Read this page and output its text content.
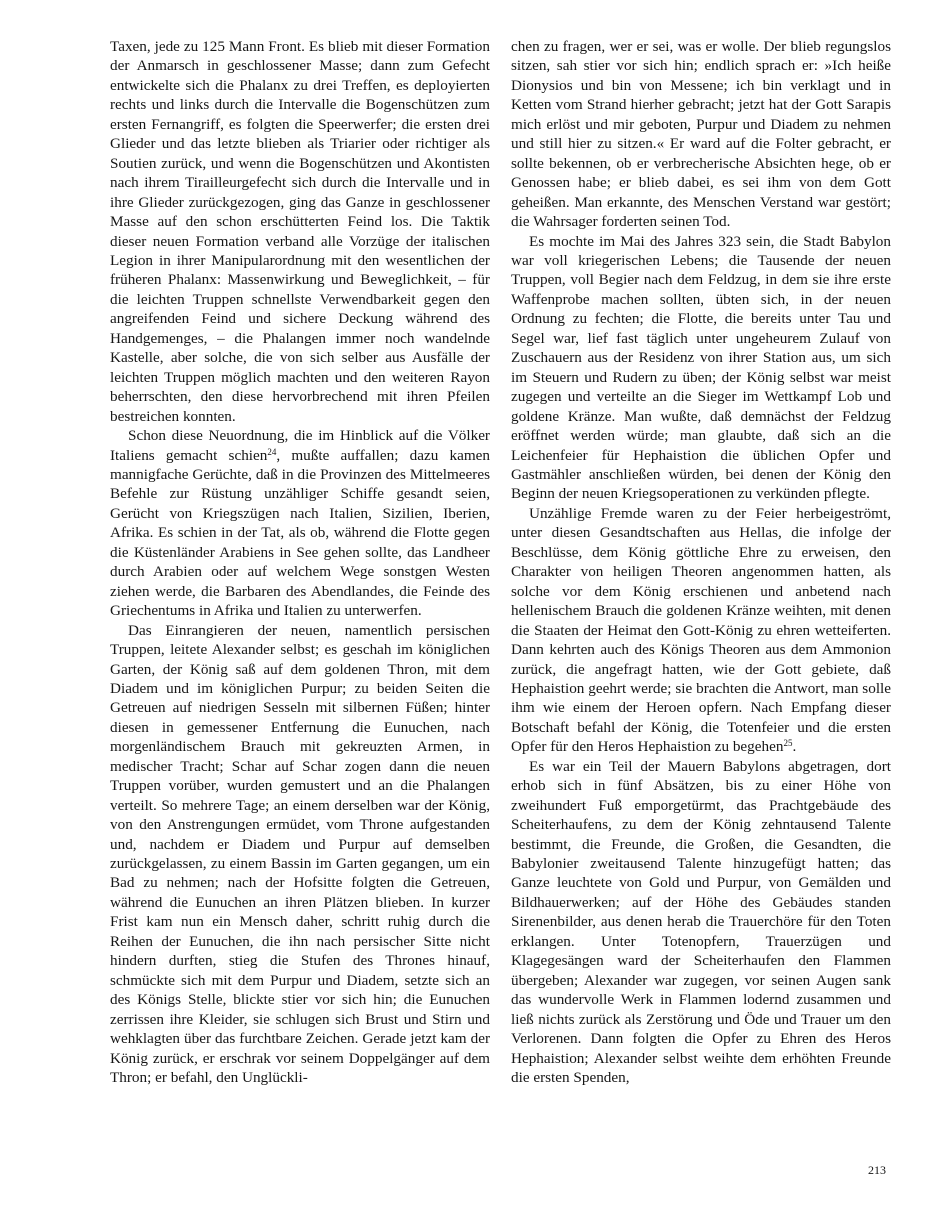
Taxen, jede zu 125 Mann Front. Es blieb mit dieser Formation der Anmarsch in geschlossener Masse; dann zum Gefecht entwickelte sich die Phalanx zu drei Treffen, es deployierten rechts und links durch die Intervalle die Bogenschützen zum ersten Fernangriff, es folgten die Speerwerfer; die ersten drei Glieder und das letzte blieben als Triarier oder richtiger als Soutien zurück, und wenn die Bogenschützen und Akontisten nach ihrem Tirailleurgefecht sich durch die Intervalle und in ihre Glieder zurückgezogen, ging das Ganze in geschlossener Masse auf den schon erschütterten Feind los. Die Taktik dieser neuen Formation verband alle Vorzüge der italischen Legion in ihrer Manipularordnung mit den wesentlichen der früheren Phalanx: Massenwirkung und Beweglichkeit, – für die leichten Truppen schnellste Verwendbarkeit gegen den angreifenden Feind und sichere Deckung während des Handgemenges, – die Phalangen immer noch wandelnde Kastelle, aber solche, die von sich selber aus Ausfälle der leichten Truppen möglich machten und den weiteren Rayon beherrschten, den diese hervorbrechend mit ihren Pfeilen bestreichen konnten.

Schon diese Neuordnung, die im Hinblick auf die Völker Italiens gemacht schien$^{24}$, mußte auffallen; dazu kamen mannigfache Gerüchte, daß in die Provinzen des Mittelmeeres Befehle zur Rüstung unzähliger Schiffe gesandt seien, Gerücht von Kriegszügen nach Italien, Sizilien, Iberien, Afrika. Es schien in der Tat, als ob, während die Flotte gegen die Küstenländer Arabiens in See gehen sollte, das Landheer durch Arabien oder auf welchem Wege sonstgen Westen ziehen werde, die Barbaren des Abendlandes, die Feinde des Griechentums in Afrika und Italien zu unterwerfen.

Das Einrangieren der neuen, namentlich persischen Truppen, leitete Alexander selbst; es geschah im königlichen Garten, der König saß auf dem goldenen Thron, mit dem Diadem und im königlichen Purpur; zu beiden Seiten die Getreuen auf niedrigen Sesseln mit silbernen Füßen; hinter diesen in gemessener Entfernung die Eunuchen, nach morgenländischem Brauch mit gekreuzten Armen, in medischer Tracht; Schar auf Schar zogen dann die neuen Truppen vorüber, wurden gemustert und an die Phalangen verteilt. So mehrere Tage; an einem derselben war der König, von den Anstrengungen ermüdet, vom Throne aufgestanden und, nachdem er Diadem und Purpur auf demselben zurückgelassen, zu einem Bassin im Garten gegangen, um ein Bad zu nehmen; nach der Hofsitte folgten die Getreuen, während die Eunuchen an ihren Plätzen blieben. In kurzer Frist kam nun ein Mensch daher, schritt ruhig durch die Reihen der Eunuchen, die ihn nach persischer Sitte nicht hindern durften, stieg die Stufen des Thrones hinauf, schmückte sich mit dem Purpur und Diadem, setzte sich an des Königs Stelle, blickte stier vor sich hin; die Eunuchen zerrissen ihre Kleider, sie schlugen sich Brust und Stirn und wehklagten über das furchtbare Zeichen. Gerade jetzt kam der König zurück, er erschrak vor seinem Doppelgänger auf dem Thron; er befahl, den Unglückli-

chen zu fragen, wer er sei, was er wolle. Der blieb regungslos sitzen, sah stier vor sich hin; endlich sprach er: »Ich heiße Dionysios und bin von Messene; ich bin verklagt und in Ketten vom Strand hierher gebracht; jetzt hat der Gott Sarapis mich erlöst und mir geboten, Purpur und Diadem zu nehmen und still hier zu sitzen.« Er ward auf die Folter gebracht, er sollte bekennen, ob er verbrecherische Absichten hege, ob er Genossen habe; er blieb dabei, es sei ihm von dem Gott geheißen. Man erkannte, des Menschen Verstand war gestört; die Wahrsager forderten seinen Tod.

Es mochte im Mai des Jahres 323 sein, die Stadt Babylon war voll kriegerischen Lebens; die Tausende der neuen Truppen, voll Begier nach dem Feldzug, in dem sie ihre erste Waffenprobe machen sollten, übten sich, in der neuen Ordnung zu fechten; die Flotte, die bereits unter Tau und Segel war, lief fast täglich unter ungeheurem Zulauf von Zuschauern aus der Residenz von ihrer Station aus, um sich im Steuern und Rudern zu üben; der König selbst war meist zugegen und verteilte an die Sieger im Wettkampf Lob und goldene Kränze. Man wußte, daß demnächst der Feldzug eröffnet werden würde; man glaubte, daß sich an die Leichenfeier für Hephaistion die üblichen Opfer und Gastmähler anschließen würden, bei denen der König den Beginn der neuen Kriegsoperationen zu verkünden pflegte.

Unzählige Fremde waren zu der Feier herbeigeströmt, unter diesen Gesandtschaften aus Hellas, die infolge der Beschlüsse, dem König göttliche Ehre zu erweisen, den Charakter von heiligen Theoren angenommen hatten, als solche vor dem König erschienen und anbetend nach hellenischem Brauch die goldenen Kränze weihten, mit denen die Staaten der Heimat den Gott-König zu ehren wetteiferten. Dann kehrten auch des Königs Theoren aus dem Ammonion zurück, die angefragt hatten, wie der Gott gebiete, daß Hephaistion geehrt werde; sie brachten die Antwort, man solle ihm wie einem der Heroen opfern. Nach Empfang dieser Botschaft befahl der König, die Totenfeier und die ersten Opfer für den Heros Hephaistion zu begehen$^{25}$.

Es war ein Teil der Mauern Babylons abgetragen, dort erhob sich in fünf Absätzen, bis zu einer Höhe von zweihundert Fuß emporgetürmt, das Prachtgebäude des Scheiterhaufens, zu dem der König zehntausend Talente bestimmt, die Freunde, die Großen, die Gesandten, die Babylonier zweitausend Talente hinzugefügt hatten; das Ganze leuchtete von Gold und Purpur, von Gemälden und Bildhauerwerken; auf der Höhe des Gebäudes standen Sirenenbilder, aus denen herab die Trauerchöre für den Toten erklangen. Unter Totenopfern, Trauerzügen und Klagegesängen ward der Scheiterhaufen den Flammen übergeben; Alexander war zugegen, vor seinen Augen sank das wundervolle Werk in Flammen lodernd zusammen und ließ nichts zurück als Zerstörung und Öde und Trauer um den Verlorenen. Dann folgten die Opfer zu Ehren des Heros Hephaistion; Alexander selbst weihte dem erhöhten Freunde die ersten Spenden,

213
